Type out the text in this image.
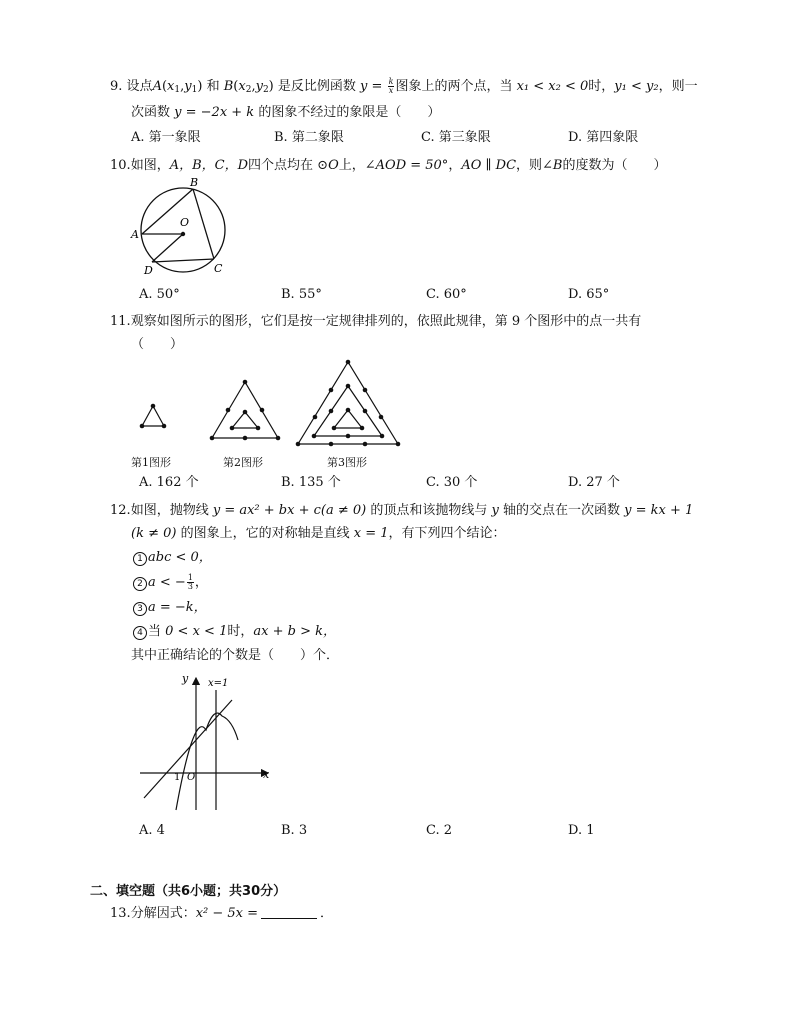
9. 设点$A(x_1,y_1)$ 和 $B(x_2,y_2)$ 是反比例函数 $y = \frac{k}{x}$ 图象上的两个点，当 x₁ < x₂ < 0时，y₁ < y₂，则一
次函数 y = −2x + k 的图象不经过的象限是（　　）
A. 第一象限	B. 第二象限	C. 第三象限	D. 第四象限
10.如图，A，B，C，D四个点均在 ⊙O上，∠AOD = 50°，AO ∥ DC，则∠B的度数为（　　）
A
B
C
D
O
A. 50°	B. 55°	C. 60°	D. 65°
11.观察如图所示的图形，它们是按一定规律排列的，依照此规律，第 9 个图形中的点一共有
（　　）
第1图形	第2图形	第3图形
A. 162 个	B. 135 个	C. 30 个	D. 27 个
12.如图，抛物线 y = ax² + bx + c(a ≠ 0) 的顶点和该抛物线与 y 轴的交点在一次函数 y = kx + 1
(k ≠ 0) 的图象上，它的对称轴是直线 x = 1，有下列四个结论：
1 abc < 0，
2 a < − $\frac{1}{3}$ ，
3 a = −k，
4 当 0 < x < 1时，ax + b > k，
其中正确结论的个数是（　　）个．
y x=1
x
1 O
A. 4	B. 3	C. 2	D. 1
二、填空题（共6小题；共30分）
13.分解因式：x² − 5x =	．
